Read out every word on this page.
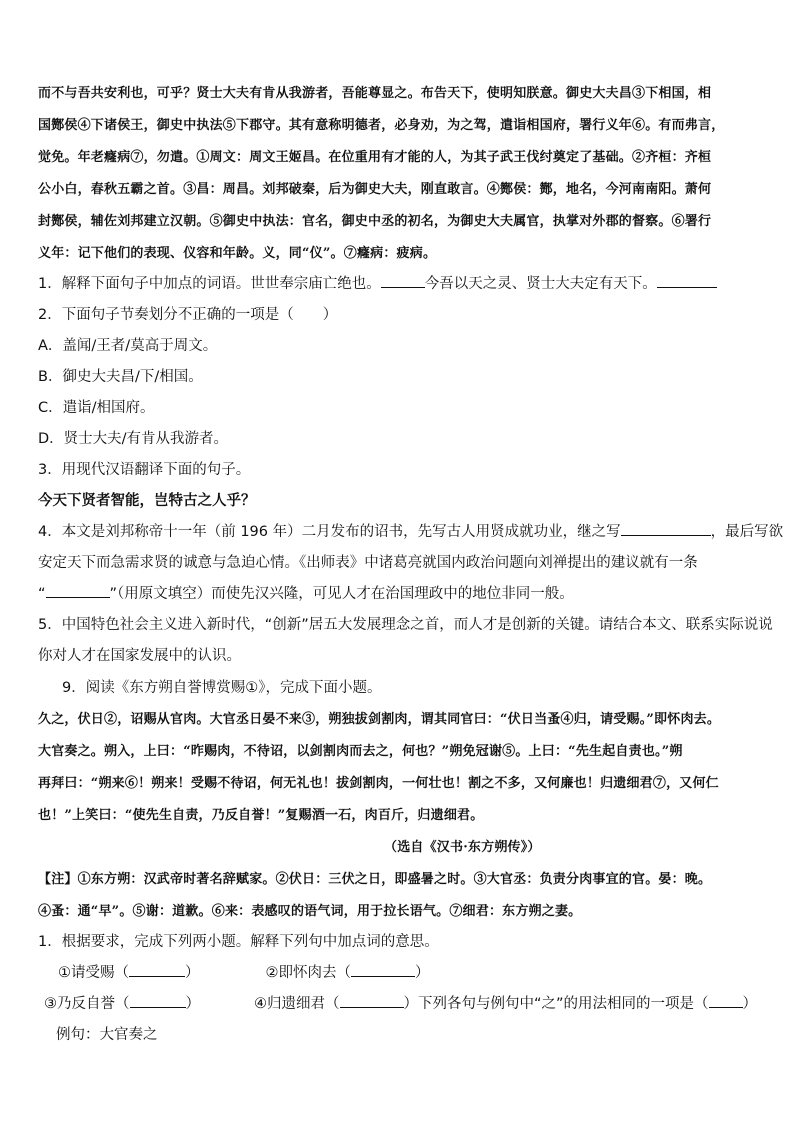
而不与吾共安利也，可乎？贤士大夫有肯从我游者，吾能尊显之。布告天下，使明知朕意。御史大夫昌③下相国，相
国酂侯④下诸侯王，御史中执法⑤下郡守。其有意称明德者，必身劝，为之驾，遣诣相国府，署行义年⑥。有而弗言，
觉免。年老癃病⑦，勿遣。①周文：周文王姬昌。在位重用有才能的人，为其子武王伐纣奠定了基础。②齐桓：齐桓
公小白，春秋五霸之首。③昌：周昌。刘邦破秦，后为御史大夫，刚直敢言。④酂侯：酂，地名，今河南南阳。萧何
封酂侯，辅佐刘邦建立汉朝。⑤御史中执法：官名，御史中丞的初名，为御史大夫属官，执掌对外郡的督察。⑥署行
义年：记下他们的表现、仪容和年龄。义，同“仪”。⑦癃病：疲病。
1．解释下面句子中加点的词语。世世奉宗庙亡绝也。	今吾以天之灵、贤士大夫定有天下。
2．下面句子节奏划分不正确的一项是（　　）
A．盖闻/王者/莫高于周文。
B．御史大夫昌/下/相国。
C．遣诣/相国府。
D．贤士大夫/有肯从我游者。
3．用现代汉语翻译下面的句子。
今天下贤者智能，岂特古之人乎？
4．本文是刘邦称帝十一年（前 196 年）二月发布的诏书，先写古人用贤成就功业，继之写	，最后写欲
安定天下而急需求贤的诚意与急迫心情。《出师表》中诸葛亮就国内政治问题向刘禅提出的建议就有一条
“	”（用原文填空）而使先汉兴隆，可见人才在治国理政中的地位非同一般。
5．中国特色社会主义进入新时代，“创新”居五大发展理念之首，而人才是创新的关键。请结合本文、联系实际说说
你对人才在国家发展中的认识。
9．阅读《东方朔自誉博赏赐①》，完成下面小题。
久之，伏日②，诏赐从官肉。大官丞日晏不来③，朔独拔剑割肉，谓其同官曰：“伏日当蚤④归，请受赐。”即怀肉去。
大官奏之。朔入，上曰：“昨赐肉，不待诏，以剑割肉而去之，何也？”朔免冠谢⑤。上曰：“先生起自责也。”朔
再拜曰：“朔来⑥！朔来！受赐不待诏，何无礼也！拔剑割肉，一何壮也！割之不多，又何廉也！归遗细君⑦，又何仁
也！”上笑曰：“使先生自责，乃反自誉！”复赐酒一石，肉百斤，归遗细君。
（选自《汉书·东方朔传》）
【注】①东方朔：汉武帝时著名辞赋家。②伏日：三伏之日，即盛暑之时。③大官丞：负责分肉事宜的官。晏：晚。
④蚤：通“早”。⑤谢：道歉。⑥来：表感叹的语气词，用于拉长语气。⑦细君：东方朔之妻。
1．根据要求，完成下列两小题。解释下列句中加点词的意思。
①请受赐（	）	②即怀肉去（	）
③乃反自誉（	）	④归遗细君（	）下列各句与例句中“之”的用法相同的一项是（ ）
例句：大官奏之
